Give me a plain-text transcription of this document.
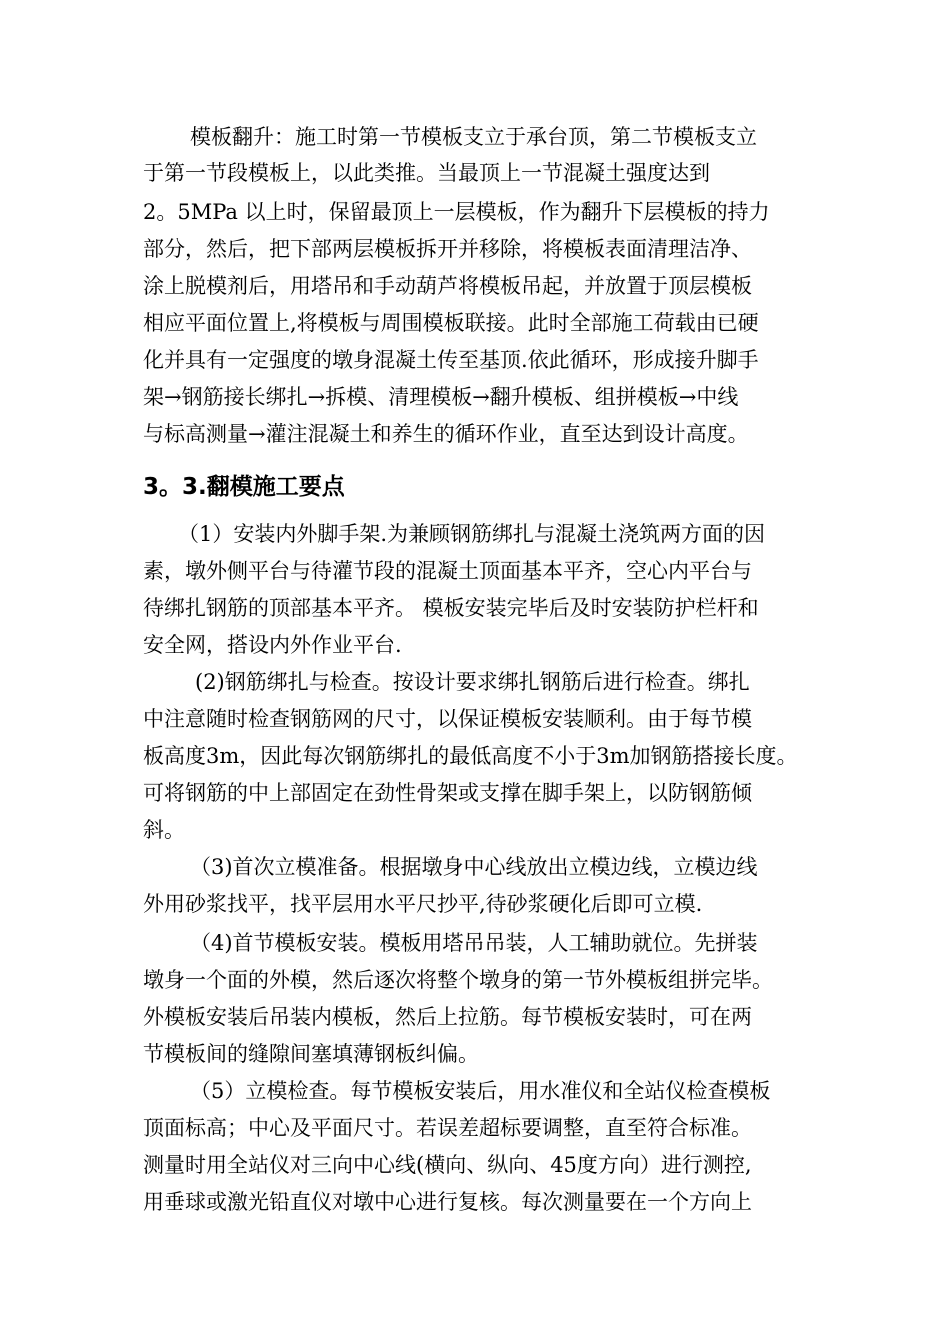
模板翻升：施工时第一节模板支立于承台顶，第二节模板支立
于第一节段模板上，以此类推。当最顶上一节混凝土强度达到
2。5MPa 以上时，保留最顶上一层模板，作为翻升下层模板的持力
部分，然后，把下部两层模板拆开并移除，将模板表面清理洁净、
涂上脱模剂后，用塔吊和手动葫芦将模板吊起，并放置于顶层模板
相应平面位置上,将模板与周围模板联接。此时全部施工荷载由已硬
化并具有一定强度的墩身混凝土传至基顶.依此循环，形成接升脚手
架→钢筋接长绑扎→拆模、清理模板→翻升模板、组拼模板→中线
与标高测量→灌注混凝土和养生的循环作业，直至达到设计高度。
3。3.翻模施工要点
（1）安装内外脚手架.为兼顾钢筋绑扎与混凝土浇筑两方面的因
素，墩外侧平台与待灌节段的混凝土顶面基本平齐，空心内平台与
待绑扎钢筋的顶部基本平齐。 模板安装完毕后及时安装防护栏杆和
安全网，搭设内外作业平台.
(2)钢筋绑扎与检查。按设计要求绑扎钢筋后进行检查。绑扎
中注意随时检查钢筋网的尺寸，以保证模板安装顺利。由于每节模
板高度3m，因此每次钢筋绑扎的最低高度不小于3m加钢筋搭接长度。
可将钢筋的中上部固定在劲性骨架或支撑在脚手架上，以防钢筋倾
斜。
（3)首次立模准备。根据墩身中心线放出立模边线，立模边线
外用砂浆找平，找平层用水平尺抄平,待砂浆硬化后即可立模.
（4)首节模板安装。模板用塔吊吊装，人工辅助就位。先拼装
墩身一个面的外模，然后逐次将整个墩身的第一节外模板组拼完毕。
外模板安装后吊装内模板，然后上拉筋。每节模板安装时，可在两
节模板间的缝隙间塞填薄钢板纠偏。
（5）立模检查。每节模板安装后，用水准仪和全站仪检查模板
顶面标高；中心及平面尺寸。若误差超标要调整，直至符合标准。
测量时用全站仪对三向中心线(横向、纵向、45度方向）进行测控,
用垂球或激光铅直仪对墩中心进行复核。每次测量要在一个方向上
